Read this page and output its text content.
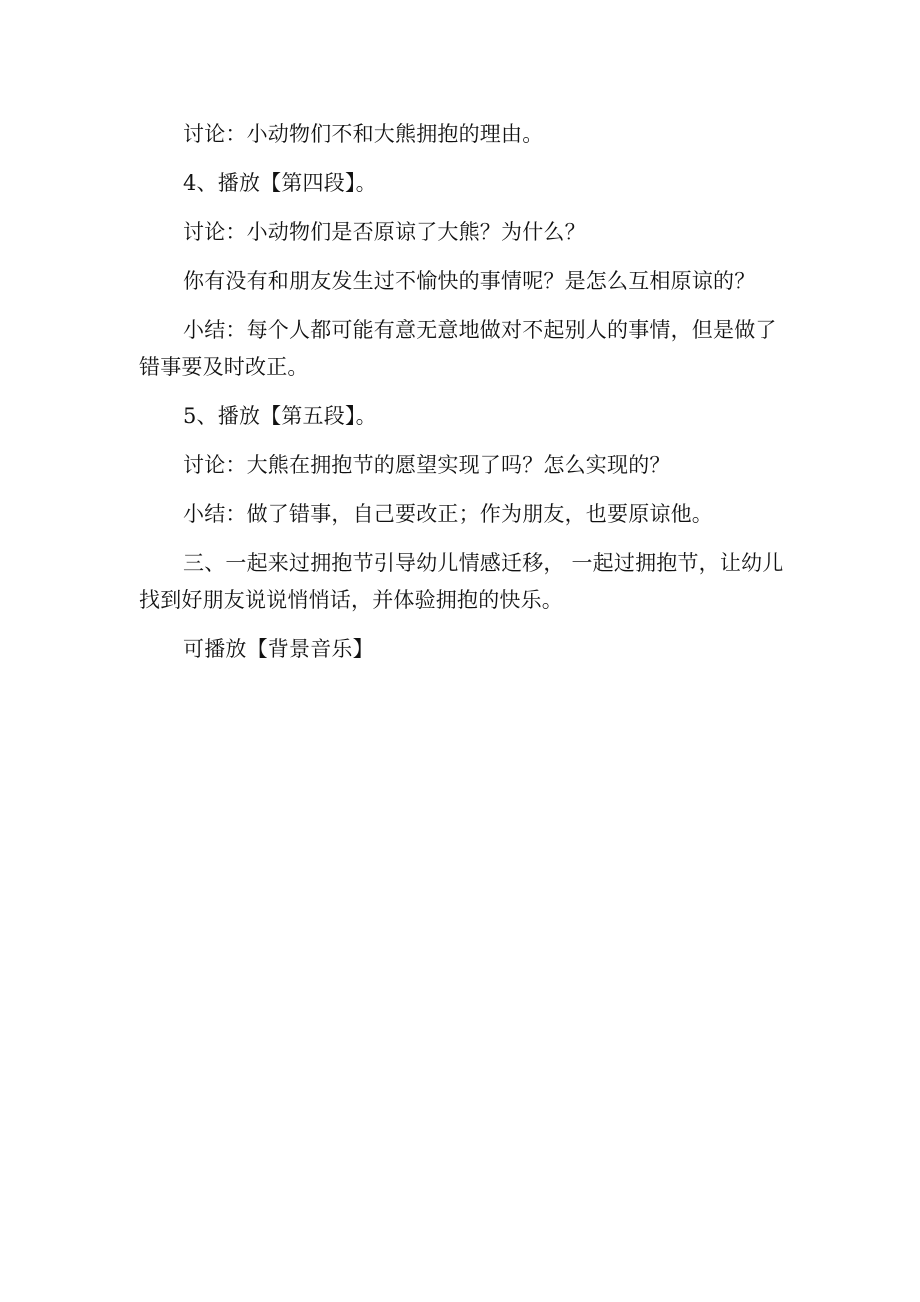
讨论：小动物们不和大熊拥抱的理由。

4、播放【第四段】。

讨论：小动物们是否原谅了大熊？为什么？

你有没有和朋友发生过不愉快的事情呢？是怎么互相原谅的？

小结：每个人都可能有意无意地做对不起别人的事情，但是做了错事要及时改正。

5、播放【第五段】。

讨论：大熊在拥抱节的愿望实现了吗？怎么实现的？

小结：做了错事，自己要改正；作为朋友，也要原谅他。

三、一起来过拥抱节引导幼儿情感迁移， 一起过拥抱节，让幼儿找到好朋友说说悄悄话，并体验拥抱的快乐。

可播放【背景音乐】
